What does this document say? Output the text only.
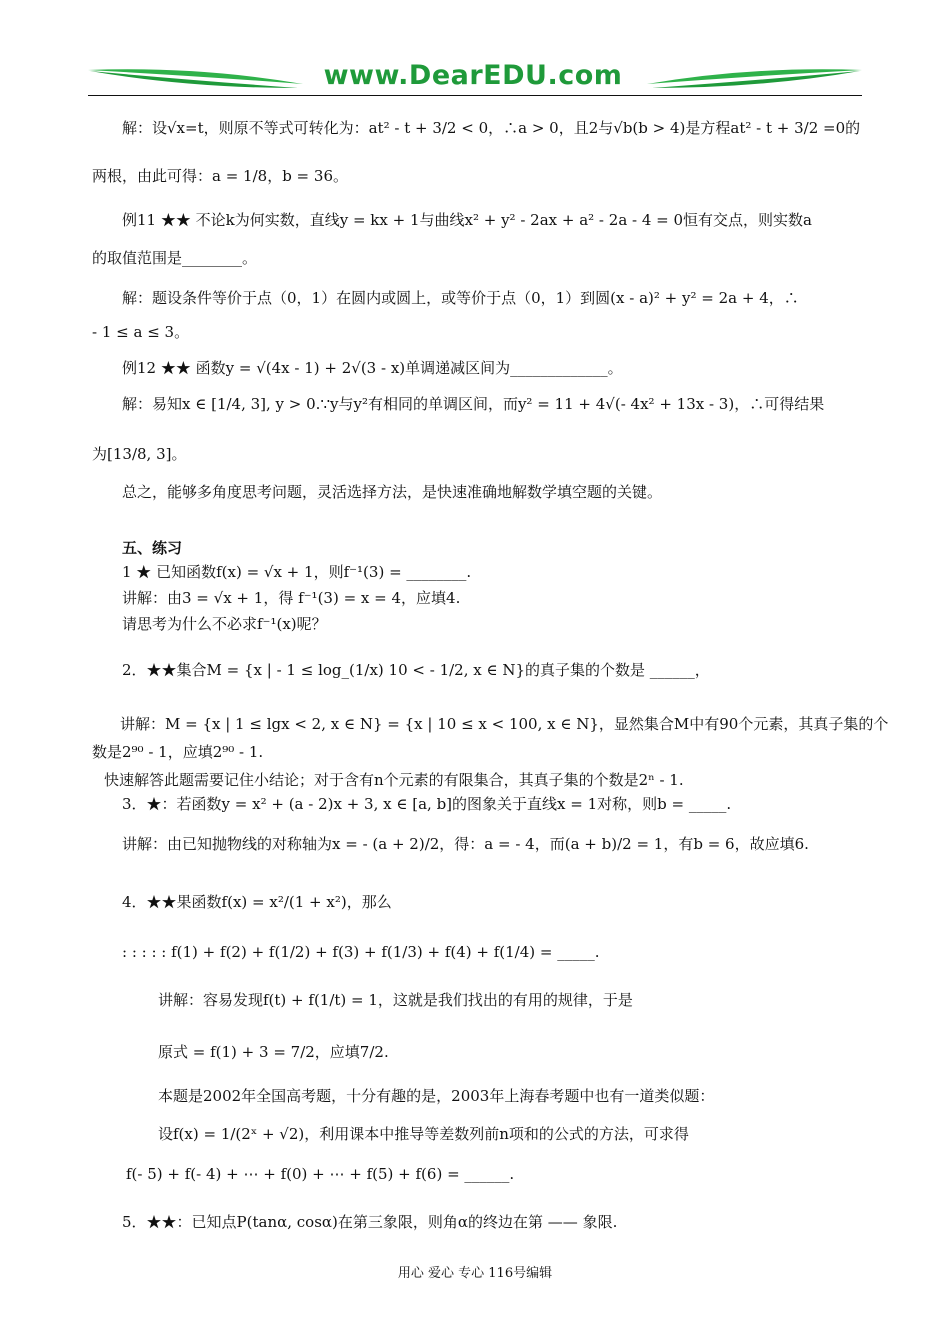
www.DearEDU.com
解：设√x=t，则原不等式可转化为：at² - t + 3/2 < 0，∴a > 0，且2与√b(b > 4)是方程at² - t + 3/2 =0的
两根，由此可得：a = 1/8，b = 36。
例11 ★★ 不论k为何实数，直线y = kx + 1与曲线x² + y² - 2ax + a² - 2a - 4 = 0恒有交点，则实数a
的取值范围是________。
解：题设条件等价于点（0，1）在圆内或圆上，或等价于点（0，1）到圆(x - a)² + y² = 2a + 4，∴
- 1 ≤ a ≤ 3。
例12 ★★ 函数y = √(4x - 1) + 2√(3 - x)单调递减区间为_____________。
解：易知x ∈ [1/4, 3], y > 0.∵y与y²有相同的单调区间，而y² = 11 + 4√(- 4x² + 13x - 3)，∴可得结果
为[13/8, 3]。
总之，能够多角度思考问题，灵活选择方法，是快速准确地解数学填空题的关键。
五、练习
1 ★ 已知函数f(x) = √x + 1，则f⁻¹(3) = ________.
讲解：由3 = √x + 1，得 f⁻¹(3) = x = 4，应填4.
请思考为什么不必求f⁻¹(x)呢？
2．★★集合M = {x | - 1 ≤ log_(1/x) 10 < - 1/2, x ∈ N}的真子集的个数是 ______，
讲解：M = {x | 1 ≤ lgx < 2, x ∈ N} = {x | 10 ≤ x < 100, x ∈ N}，显然集合M中有90个元素，其真子集的个
数是2⁹⁰ - 1，应填2⁹⁰ - 1.
快速解答此题需要记住小结论；对于含有n个元素的有限集合，其真子集的个数是2ⁿ - 1.
3．★：若函数y = x² + (a - 2)x + 3, x ∈ [a, b]的图象关于直线x = 1对称，则b = _____.
讲解：由已知抛物线的对称轴为x = - (a + 2)/2，得：a = - 4，而(a + b)/2 = 1，有b = 6，故应填6.
4．★★果函数f(x) = x²/(1 + x²)，那么
: : : : : f(1) + f(2) + f(1/2) + f(3) + f(1/3) + f(4) + f(1/4) = _____.
讲解：容易发现f(t) + f(1/t) = 1，这就是我们找出的有用的规律，于是
原式 = f(1) + 3 = 7/2，应填7/2.
本题是2002年全国高考题，十分有趣的是，2003年上海春考题中也有一道类似题：
设f(x) = 1/(2ˣ + √2)，利用课本中推导等差数列前n项和的公式的方法，可求得
f(- 5) + f(- 4) + ⋯ + f(0) + ⋯ + f(5) + f(6) = ______.
5．★★：已知点P(tanα, cosα)在第三象限，则角α的终边在第 —— 象限.
用心 爱心 专心 116号编辑
